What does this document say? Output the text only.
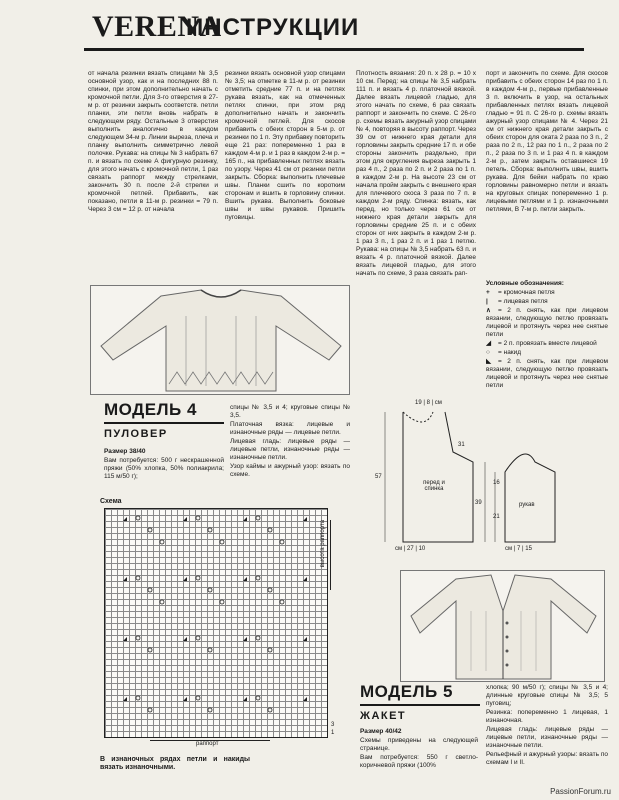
VERENA
ИНСТРУКЦИИ

от начала резинки вязать спицами № 3,5 основной узор, как и на последних 88 п. спинки, при этом дополнительно начать с кромочной петли. Для 3-го отверстия в 27-м р. от резинки закрыть соответств. петли планки, эти петли вновь набрать в следующем ряду. Остальные 3 отверстия выполнить аналогично в каждом следующем 34-м р. Линии выреза, плеча и планку выполнить симметрично левой полочке. Рукава: на спицы № 3 набрать 67 п. и вязать по схеме А фигурную резинку, для этого начать с кромочной петли, 1 раз связать раппорт между стрелками, закончить 30 п. после 2-й стрелки и кромочной петлей. Прибавить, как показано, петли в 11-м р. резинки = 79 п. Через 3 см = 12 р. от начала

резинки вязать основной узор спицами № 3,5; на отметке в 11-м р. от резинки отметить средние 77 п. и на петлях рукава вязать, как на отмеченных петлях спинки, при этом ряд дополнительно начать и закончить кромочной петлей. Для скосов прибавить с обеих сторон в 5-м р. от резинки по 1 п. Эту прибавку повторить еще 21 раз: попеременно 1 раз в каждом 4-м р. и 1 раз в каждом 2-м р. = 165 п., на прибавленных петлях вязать по узору. Через 41 см от резинки петли закрыть. Сборка: выполнить плечевые швы. Планки сшить по коротким сторонам и вшить в горловину спинки. Вшить рукава. Выполнить боковые швы и швы рукавов. Пришить пуговицы.

Плотность вязания: 20 п. x 28 р. = 10 x 10 см. Перед: на спицы № 3,5 набрать 111 п. и вязать 4 р. платочной вязкой. Далее вязать лицевой гладью, для этого начать по схеме, 6 раз связать раппорт и закончить по схеме. С 26-го р. схемы вязать ажурный узор спицами № 4, повторяя в высоту раппорт. Через 39 см от нижнего края детали для горловины закрыть средние 17 п. и обе стороны закончить раздельно, при этом для округления выреза закрыть 1 раз 4 п., 2 раза по 2 п. и 2 раза по 1 п. в каждом 2-м р. На высоте 23 см от начала пройм закрыть с внешнего края для плечевого скоса 3 раза по 7 п. в каждом 2-м ряду. Спинка: вязать, как перед, но только через 61 см от нижнего края детали закрыть для горловины средние 25 п. и с обеих сторон от них закрыть в каждом 2-м р. 1 раз 3 п., 1 раз 2 п. и 1 раз 1 петлю. Рукава: на спицы № 3,5 набрать 63 п. и вязать 4 р. платочной вязкой. Далее вязать лицевой гладью, для этого начать по схеме, 3 раза связать рап-

порт и закончить по схеме. Для скосов прибавить с обеих сторон 14 раз по 1 п. в каждом 4-м р., первые прибавленные 3 п. включить в узор, на остальных прибавленных петлях вязать лицевой гладью = 91 п. С 26-го р. схемы вязать ажурный узор спицами № 4. Через 21 см от нижнего края детали закрыть с обеих сторон для оката 2 раза по 3 п., 2 раза по 2 п., 12 раз по 1 п., 2 раза по 2 п., 2 раза по 3 п. и 1 раз 4 п. в каждом 2-м р., затем закрыть оставшиеся 19 петель. Сборка: выполнить швы, вшить рукава. Для бейки набрать по краю горловины равномерно петли и вязать на круговых спицах попеременно 1 р. лицевыми петлями и 1 р. изнаночными петлями, В 7-м р. петли закрыть.

Условные обозначения:

+ = кромочная петля

| = лицевая петля

∧ = 2 п. снять, как при лицевом вязании, следующую петлю провязать лицевой и протянуть через нее снятые петли

◢ = 2 п. провязать вместе лицевой

○ = накид

◣ = 2 п. снять, как при лицевом вязании, следующую петлю провязать лицевой и протянуть через нее снятые петли

МОДЕЛЬ 4
ПУЛОВЕР

Размер 38/40

Вам потребуется: 500 г нескрашенной пряжи (50% хлопка, 50% полиакрила; 115 м/50 г);

спицы № 3,5 и 4; круговые спицы № 3,5.

Платочная вязка: лицевые и изнаночные ряды — лицевые петли.

Лицевая гладь: лицевые ряды — лицевые петли, изнаночные ряды — изнаночные петли.

Узор каймы и ажурный узор: вязать по схеме.

Схема
раппорт
высота раппорта
3
1
В изнаночных рядах петли и накиды вязать изнаночными.
19 | 8 | см
57
39
31
перед и спинка
см | 27 | 10
16
21
рукав
см | 7 | 15
МОДЕЛЬ 5
ЖАКЕТ

Размер 40/42

Схемы приведены на следующей странице.

Вам потребуется: 550 г светло-коричневой пряжи (100%

хлопка; 90 м/50 г); спицы № 3,5 и 4; длинные круговые спицы № 3,5; 5 пуговиц;

Резинка: попеременно 1 лицевая, 1 изнаночная.

Лицевая гладь: лицевые ряды — лицевые петли, изнаночные ряды — изнаночные петли.

Рельефный и ажурный узоры: вязать по схемам I и II.

PassionForum.ru
